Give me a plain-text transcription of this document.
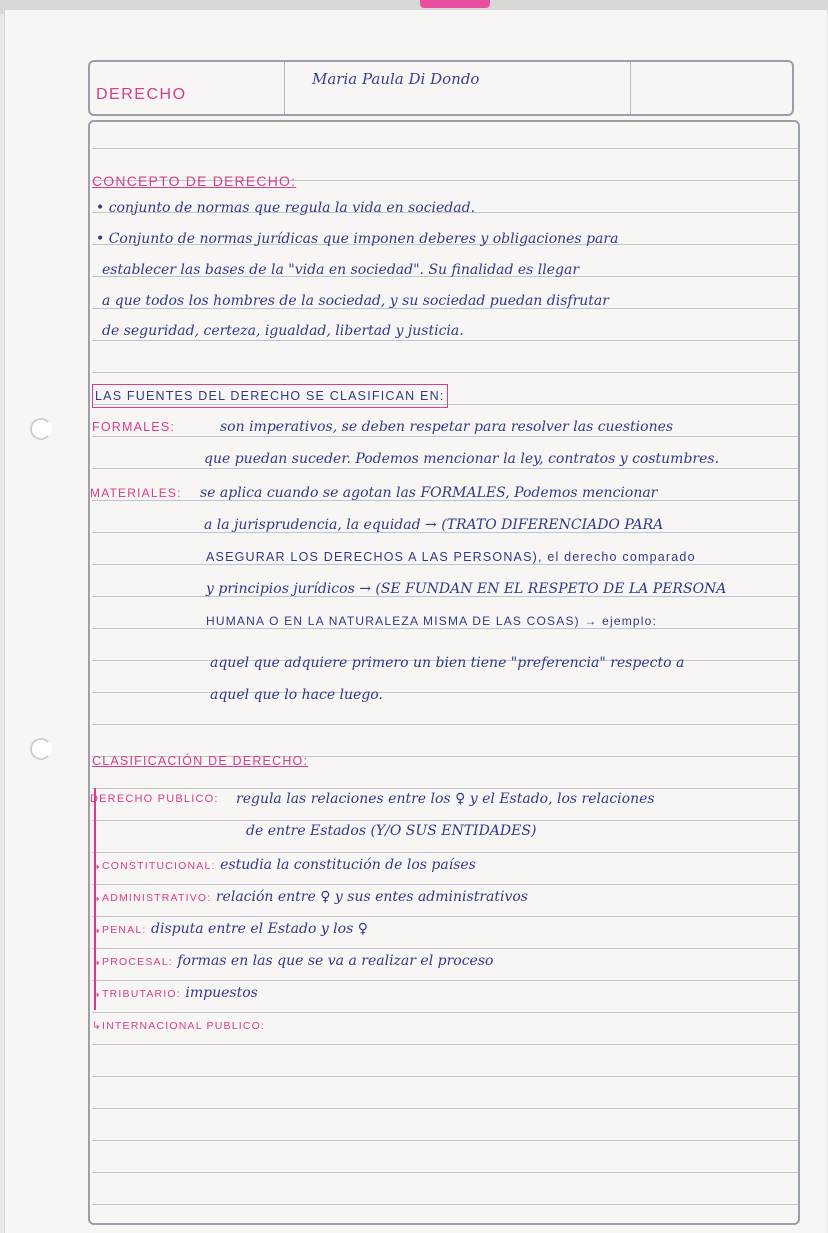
DERECHO
Maria Paula Di Dondo
CONCEPTO DE DERECHO:
• conjunto de normas que regula la vida en sociedad.
• Conjunto de normas jurídicas que imponen deberes y obligaciones para
establecer las bases de la "vida en sociedad". Su finalidad es llegar
a que todos los hombres de la sociedad, y su sociedad puedan disfrutar
de seguridad, certeza, igualdad, libertad y justicia.
LAS FUENTES DEL DERECHO SE CLASIFICAN EN:
FORMALES:	son imperativos, se deben respetar para resolver las cuestiones
que puedan suceder. Podemos mencionar la ley, contratos y costumbres.
MATERIALES: se aplica cuando se agotan las FORMALES, Podemos mencionar
a la jurisprudencia, la equidad → (TRATO DIFERENCIADO PARA
ASEGURAR LOS DERECHOS A LAS PERSONAS), el derecho comparado
y principios jurídicos → (SE FUNDAN EN EL RESPETO DE LA PERSONA
HUMANA O EN LA NATURALEZA MISMA DE LAS COSAS) → ejemplo:
aquel que adquiere primero un bien tiene "preferencia" respecto a
aquel que lo hace luego.
CLASIFICACIÓN DE DERECHO:
DERECHO PUBLICO: regula las relaciones entre los ♀ y el Estado, los relaciones
de entre Estados (Y/O SUS ENTIDADES)
↳CONSTITUCIONAL: estudia la constitución de los países
↳ADMINISTRATIVO: relación entre ♀ y sus entes administrativos
↳PENAL: disputa entre el Estado y los ♀
↳PROCESAL: formas en las que se va a realizar el proceso
↳TRIBUTARIO: impuestos
↳INTERNACIONAL PUBLICO:
